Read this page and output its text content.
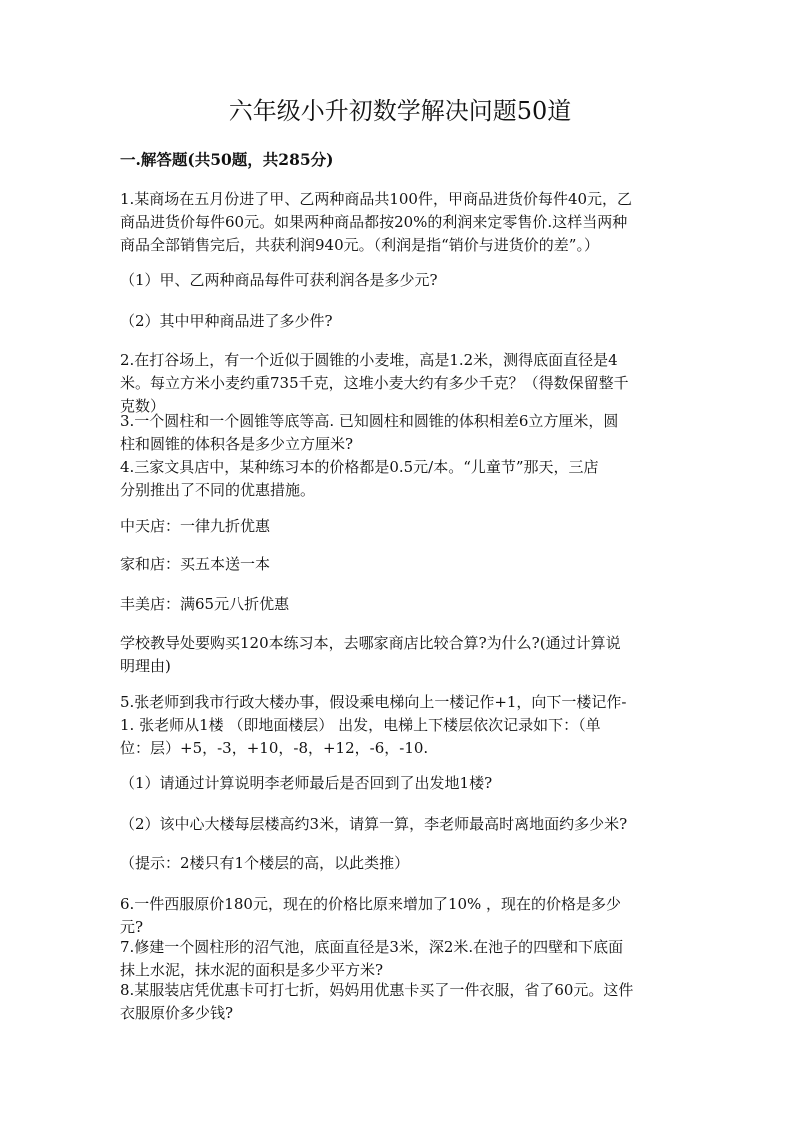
六年级小升初数学解决问题50道
一.解答题(共50题，共285分)
1.某商场在五月份进了甲、乙两种商品共100件，甲商品进货价每件40元，乙
商品进货价每件60元。如果两种商品都按20%的利润来定零售价.这样当两种
商品全部销售完后，共获利润940元。（利润是指“销价与进货价的差”。）
（1）甲、乙两种商品每件可获利润各是多少元?
（2）其中甲种商品进了多少件?
2.在打谷场上，有一个近似于圆锥的小麦堆，高是1.2米，测得底面直径是4
米。每立方米小麦约重735千克，这堆小麦大约有多少千克？（得数保留整千
克数）
3.一个圆柱和一个圆锥等底等高. 已知圆柱和圆锥的体积相差6立方厘米，圆
柱和圆锥的体积各是多少立方厘米?
4.三家文具店中，某种练习本的价格都是0.5元/本。“儿童节”那天，三店
分别推出了不同的优惠措施。
中天店：一律九折优惠
家和店：买五本送一本
丰美店：满65元八折优惠
学校教导处要购买120本练习本，去哪家商店比较合算?为什么?(通过计算说
明理由)
5.张老师到我市行政大楼办事，假设乘电梯向上一楼记作+1，向下一楼记作-
1. 张老师从1楼 （即地面楼层） 出发，电梯上下楼层依次记录如下：（单
位：层）+5，-3，+10，-8，+12，-6，-10.
（1）请通过计算说明李老师最后是否回到了出发地1楼?
（2）该中心大楼每层楼高约3米，请算一算，李老师最高时离地面约多少米?
（提示：2楼只有1个楼层的高，以此类推）
6.一件西服原价180元，现在的价格比原来增加了10% ，现在的价格是多少
元?
7.修建一个圆柱形的沼气池，底面直径是3米，深2米.在池子的四壁和下底面
抹上水泥，抹水泥的面积是多少平方米?
8.某服装店凭优惠卡可打七折，妈妈用优惠卡买了一件衣服，省了60元。这件
衣服原价多少钱?
